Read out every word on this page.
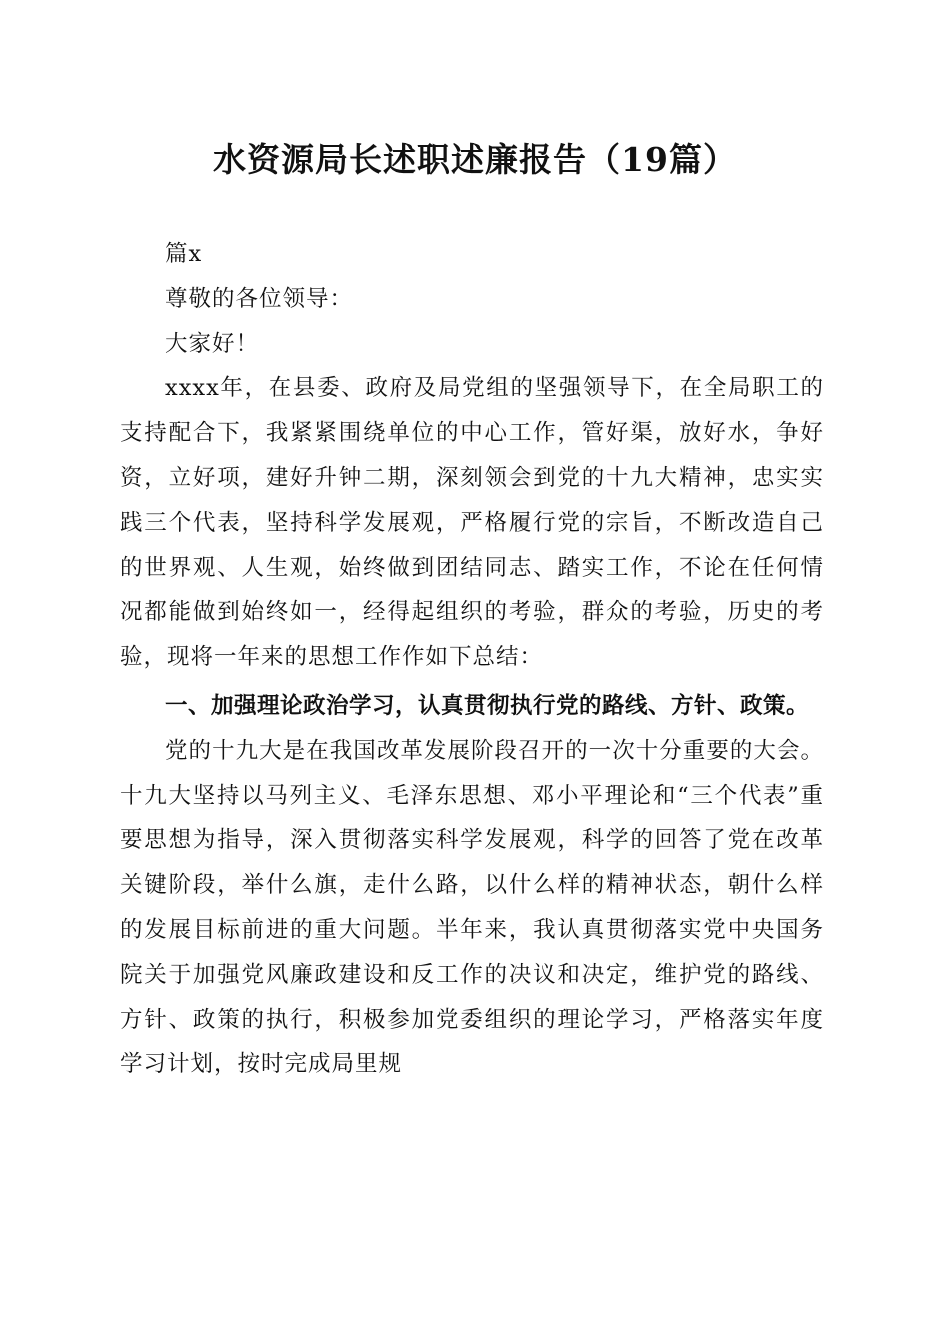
水资源局长述职述廉报告（19篇）

篇x

尊敬的各位领导：

大家好！

xxxx年，在县委、政府及局党组的坚强领导下，在全局职工的支持配合下，我紧紧围绕单位的中心工作，管好渠，放好水，争好资，立好项，建好升钟二期，深刻领会到党的十九大精神，忠实实践三个代表，坚持科学发展观，严格履行党的宗旨，不断改造自己的世界观、人生观，始终做到团结同志、踏实工作，不论在任何情况都能做到始终如一，经得起组织的考验，群众的考验，历史的考验，现将一年来的思想工作作如下总结：

一、加强理论政治学习，认真贯彻执行党的路线、方针、政策。

党的十九大是在我国改革发展阶段召开的一次十分重要的大会。十九大坚持以马列主义、毛泽东思想、邓小平理论和“三个代表”重要思想为指导，深入贯彻落实科学发展观，科学的回答了党在改革关键阶段，举什么旗，走什么路，以什么样的精神状态，朝什么样的发展目标前进的重大问题。半年来，我认真贯彻落实党中央国务院关于加强党风廉政建设和反工作的决议和决定，维护党的路线、方针、政策的执行，积极参加党委组织的理论学习，严格落实年度学习计划，按时完成局里规
